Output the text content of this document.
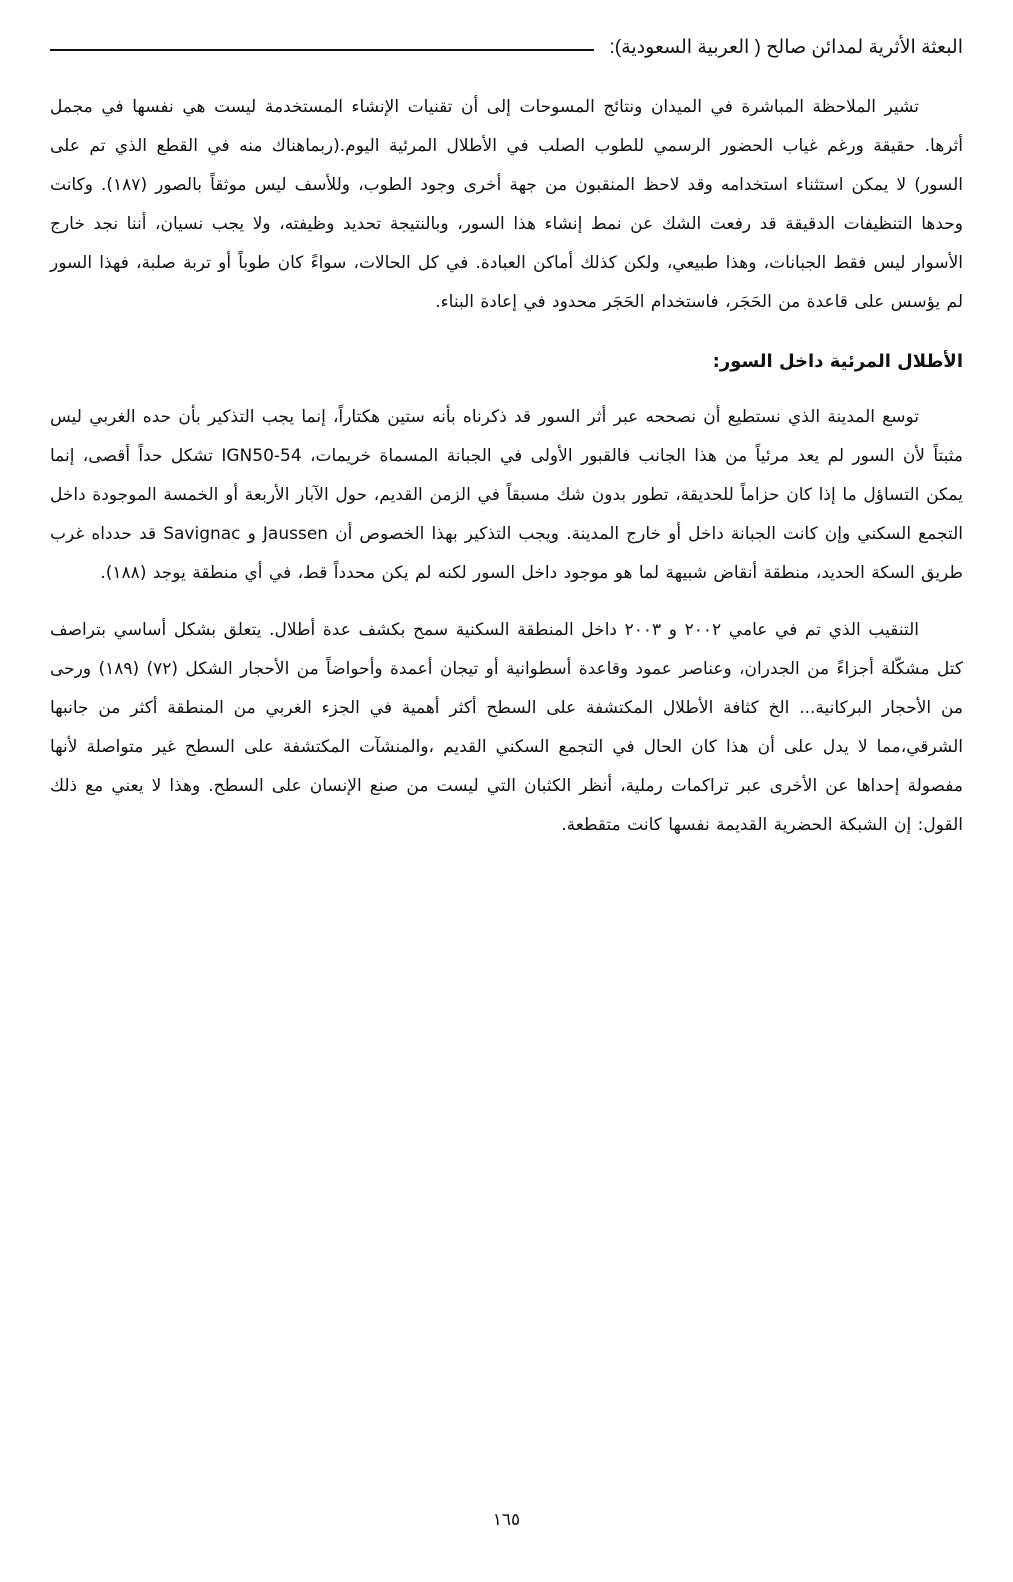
البعثة الأثرية لمدائن صالح ( العربية السعودية):

تشير الملاحظة المباشرة في الميدان ونتائج المسوحات إلى أن تقنيات الإنشاء المستخدمة ليست هي نفسها في مجمل أثرها. حقيقة ورغم غياب الحضور الرسمي للطوب الصلب في الأطلال المرئية اليوم.(ربماهناك منه في القطع الذي تم على السور) لا يمكن استثناء استخدامه وقد لاحظ المنقبون من جهة أخرى وجود الطوب، وللأسف ليس موثقاً بالصور (١٨٧). وكانت وحدها التنظيفات الدقيقة قد رفعت الشك عن نمط إنشاء هذا السور، وبالنتيجة تحديد وظيفته، ولا يجب نسيان، أننا نجد خارج الأسوار ليس فقط الجبانات، وهذا طبيعي، ولكن كذلك أماكن العبادة. في كل الحالات، سواءً كان طوباً أو تربة صلبة، فهذا السور لم يؤسس على قاعدة من الحَجَر، فاستخدام الحَجَر محدود في إعادة البناء.

الأطلال المرئية داخل السور:

توسع المدينة الذي نستطيع أن نصححه عبر أثر السور قد ذكرناه بأنه ستين هكتاراً، إنما يجب التذكير بأن حده الغربي ليس مثبتاً لأن السور لم يعد مرئياً من هذا الجانب فالقبور الأولى في الجبانة المسماة خريمات، IGN50-54 تشكل حداً أقصى، إنما يمكن التساؤل ما إذا كان حزاماً للحديقة، تطور بدون شك مسبقاً في الزمن القديم، حول الآبار الأربعة أو الخمسة الموجودة داخل التجمع السكني وإن كانت الجبانة داخل أو خارج المدينة. ويجب التذكير بهذا الخصوص أن Jaussen و Savignac قد حدداه غرب طريق السكة الحديد، منطقة أنقاض شبيهة لما هو موجود داخل السور لكنه لم يكن محدداً قط، في أي منطقة يوجد (١٨٨).

التنقيب الذي تم في عامي ٢٠٠٢ و ٢٠٠٣ داخل المنطقة السكنية سمح بكشف عدة أطلال. يتعلق بشكل أساسي بتراصف كتل مشكّلة أجزاءً من الجدران، وعناصر عمود وقاعدة أسطوانية أو تيجان أعمدة وأحواضاً من الأحجار الشكل (٧٢) (١٨٩) ورحى من الأحجار البركانية... الخ كثافة الأطلال المكتشفة على السطح أكثر أهمية في الجزء الغربي من المنطقة أكثر من جانبها الشرقي،مما لا يدل على أن هذا كان الحال في التجمع السكني القديم ،والمنشآت المكتشفة على السطح غير متواصلة لأنها مفصولة إحداها عن الأخرى عبر تراكمات رملية، أنظر الكثبان التي ليست من صنع الإنسان على السطح. وهذا لا يعني مع ذلك القول: إن الشبكة الحضرية القديمة نفسها كانت متقطعة.

١٦٥
